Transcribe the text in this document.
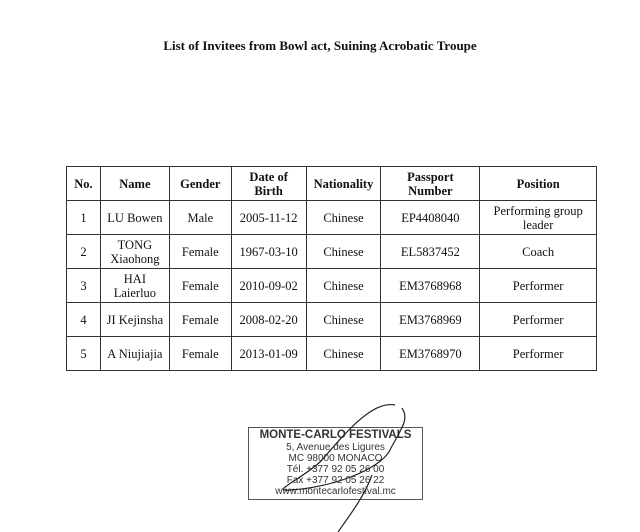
List of Invitees from Bowl act, Suining Acrobatic Troupe
No.	Name	Gender	Date of Birth	Nationality	Passport Number	Position
1	LU Bowen	Male	2005-11-12	Chinese	EP4408040	Performing group leader
2	TONG Xiaohong	Female	1967-03-10	Chinese	EL5837452	Coach
3	HAI Laierluo	Female	2010-09-02	Chinese	EM3768968	Performer
4	JI Kejinsha	Female	2008-02-20	Chinese	EM3768969	Performer
5	A Niujiajia	Female	2013-01-09	Chinese	EM3768970	Performer
MONTE-CARLO FESTIVALS
5, Avenue des Ligures
MC 98000 MONACO
Tél. +377 92 05 26 00
Fax +377 92 05 26 22
www.montecarlofestival.mc
